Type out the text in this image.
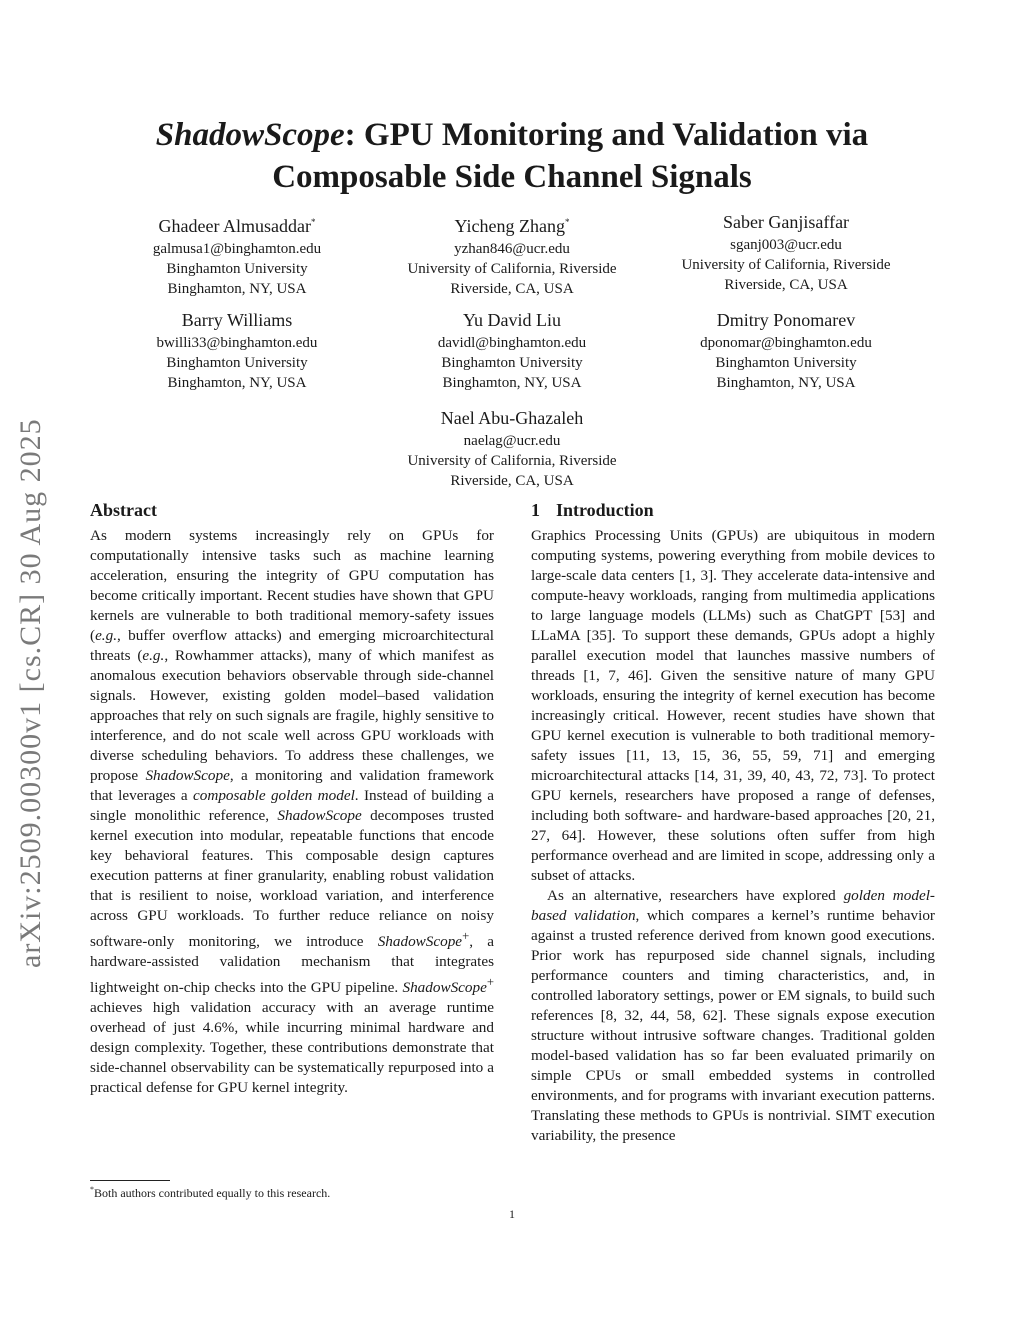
arXiv:2509.00300v1 [cs.CR] 30 Aug 2025
ShadowScope: GPU Monitoring and Validation via
Composable Side Channel Signals
Ghadeer Almusaddar*
galmusa1@binghamton.edu
Binghamton University
Binghamton, NY, USA
Yicheng Zhang*
yzhan846@ucr.edu
University of California, Riverside
Riverside, CA, USA
Saber Ganjisaffar
sganj003@ucr.edu
University of California, Riverside
Riverside, CA, USA
Barry Williams
bwilli33@binghamton.edu
Binghamton University
Binghamton, NY, USA
Yu David Liu
davidl@binghamton.edu
Binghamton University
Binghamton, NY, USA
Dmitry Ponomarev
dponomar@binghamton.edu
Binghamton University
Binghamton, NY, USA
Nael Abu-Ghazaleh
naelag@ucr.edu
University of California, Riverside
Riverside, CA, USA
Abstract

As modern systems increasingly rely on GPUs for computationally intensive tasks such as machine learning acceleration, ensuring the integrity of GPU computation has become critically important. Recent studies have shown that GPU kernels are vulnerable to both traditional memory-safety issues (e.g., buffer overflow attacks) and emerging microarchitectural threats (e.g., Rowhammer attacks), many of which manifest as anomalous execution behaviors observable through side-channel signals. However, existing golden model–based validation approaches that rely on such signals are fragile, highly sensitive to interference, and do not scale well across GPU workloads with diverse scheduling behaviors. To address these challenges, we propose ShadowScope, a monitoring and validation framework that leverages a composable golden model. Instead of building a single monolithic reference, ShadowScope decomposes trusted kernel execution into modular, repeatable functions that encode key behavioral features. This composable design captures execution patterns at finer granularity, enabling robust validation that is resilient to noise, workload variation, and interference across GPU workloads. To further reduce reliance on noisy software-only monitoring, we introduce ShadowScope+, a hardware-assisted validation mechanism that integrates lightweight on-chip checks into the GPU pipeline. ShadowScope+ achieves high validation accuracy with an average runtime overhead of just 4.6%, while incurring minimal hardware and design complexity. Together, these contributions demonstrate that side-channel observability can be systematically repurposed into a practical defense for GPU kernel integrity.

1 Introduction

Graphics Processing Units (GPUs) are ubiquitous in modern computing systems, powering everything from mobile devices to large-scale data centers [1, 3]. They accelerate data-intensive and compute-heavy workloads, ranging from multimedia applications to large language models (LLMs) such as ChatGPT [53] and LLaMA [35]. To support these demands, GPUs adopt a highly parallel execution model that launches massive numbers of threads [1, 7, 46]. Given the sensitive nature of many GPU workloads, ensuring the integrity of kernel execution has become increasingly critical. However, recent studies have shown that GPU kernel execution is vulnerable to both traditional memory-safety issues [11, 13, 15, 36, 55, 59, 71] and emerging microarchitectural attacks [14, 31, 39, 40, 43, 72, 73]. To protect GPU kernels, researchers have proposed a range of defenses, including both software- and hardware-based approaches [20, 21, 27, 64]. However, these solutions often suffer from high performance overhead and are limited in scope, addressing only a subset of attacks.

As an alternative, researchers have explored golden model-based validation, which compares a kernel’s runtime behavior against a trusted reference derived from known good executions. Prior work has repurposed side channel signals, including performance counters and timing characteristics, and, in controlled laboratory settings, power or EM signals, to build such references [8, 32, 44, 58, 62]. These signals expose execution structure without intrusive software changes. Traditional golden model-based validation has so far been evaluated primarily on simple CPUs or small embedded systems in controlled environments, and for programs with invariant execution patterns. Translating these methods to GPUs is nontrivial. SIMT execution variability, the presence

*Both authors contributed equally to this research.
1
